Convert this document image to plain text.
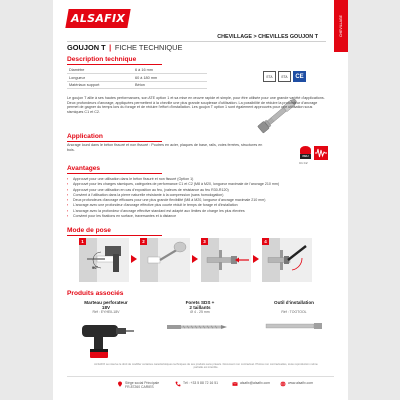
ALSAFIX
CHEVILLAGE > CHEVILLES GOUJON T
CHEVILLAGE
GOUJON T | FICHE TECHNIQUE
Description technique
Diamètre	6 à 16 mm
Longueur	60 à 180 mm
Matériaux support	Béton
ETA	ETA	CE
Le goujon T allie à ses hautes performances, son ATE option 1 et sa mise en œuvre rapide et simple, pour être utilisée pour une grande variété d'applications. Deux profondeurs d'ancrage, appliquées permettent à la cheville une plus grande souplesse d'utilisation. La possibilité de réduire la profondeur d'ancrage permet de gagner du temps lors du forage et de réduire l'effort d'installation. Les goujon T option 1 sont également approuvés pour une utilisation sous sismiques C1 et C2.
Application
Ancrage lourd dans le béton fissuré et non fissuré : Poutres en acier, plaques de base, rails, voies ferrées, structures en bois.
FEU
C1 C2
Avantages
› Approuvé pour une utilisation dans le béton fissuré et non fissuré (Option 1)
› Approuvé pour les charges sismiques, catégories de performance C1 et C2 (M8 à M20, longueur maximale de l'ancrage 210 mm)
› Approuvé pour une utilisation en cas d'exposition au feu, (valeurs de résistance au feu R30-R120)
› Convient à l'utilisation dans la pierre naturelle résistante à la compression (sans homologation)
› Deux profondeurs d'ancrage efficaces pour une plus grande flexibilité (M8 à M20, longueur d'ancrage maximale 210 mm)
› L'ancrage avec une profondeur d'ancrage effective plus courte réduit le temps de forage et d'installation
› L'ancrage avec la profondeur d'ancrage effective standard est adapté aux limites de charge les plus élevées
› Convient pour les fixations en surface, traversantes et à distance
Mode de pose
1
90°
2	3	4
Produits associés
Marteau perforateur
18V
Réf : EYHEIL18V
Forets SDS +
2 taillants
Ø 4 - 25 mm
Outil d'installation
Réf : TOOTOOL
ALSAFIX se réserve le droit de modifier certaines caractéristiques techniques de ses produits sans préavis. Document non contractuel. Photos non contractuelles, toute reproduction même partielle est interdite.
Siège social Principale
FR-87260 CARIES
Tél : +33 5 88 72 16 51	alsafix@alsafix.com	www.alsafix.com
